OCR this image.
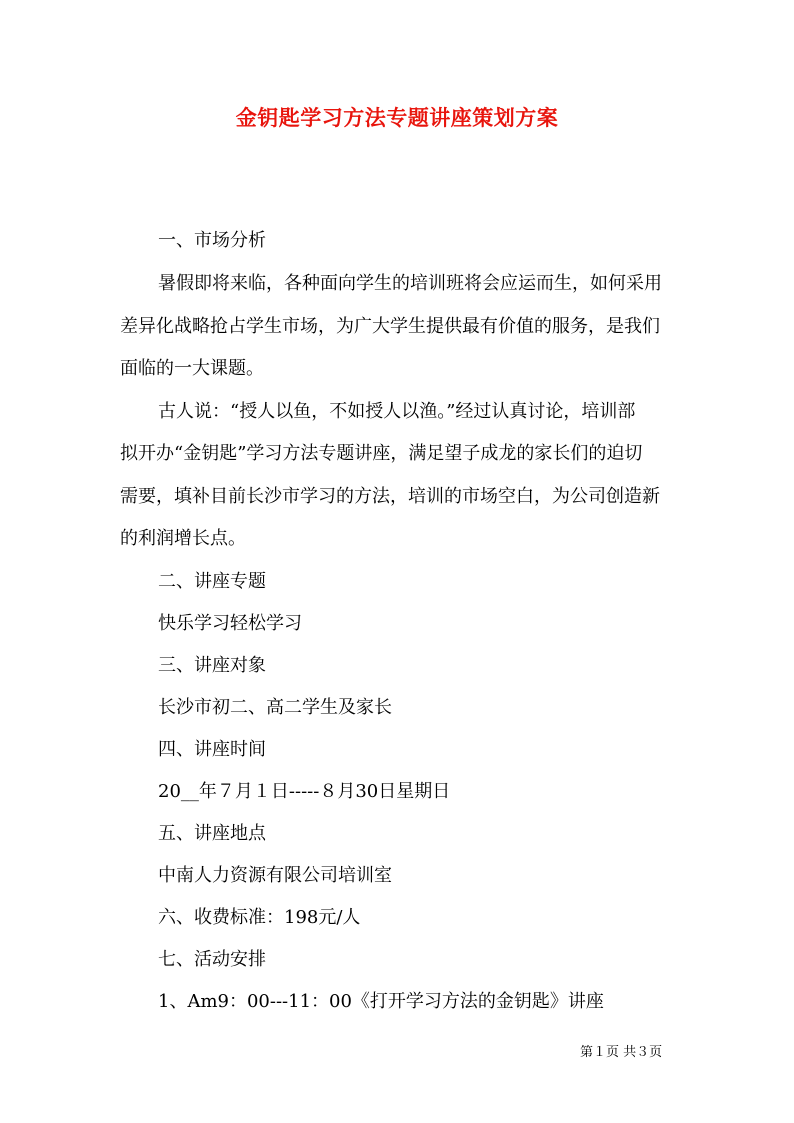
金钥匙学习方法专题讲座策划方案
一、市场分析
暑假即将来临，各种面向学生的培训班将会应运而生，如何采用
差异化战略抢占学生市场，为广大学生提供最有价值的服务，是我们
面临的一大课题。
古人说：“授人以鱼，不如授人以渔。”经过认真讨论，培训部
拟开办“金钥匙”学习方法专题讲座，满足望子成龙的家长们的迫切
需要，填补目前长沙市学习的方法，培训的市场空白，为公司创造新
的利润增长点。
二、讲座专题
快乐学习轻松学习
三、讲座对象
长沙市初二、高二学生及家长
四、讲座时间
20__年７月１日-----８月30日星期日
五、讲座地点
中南人力资源有限公司培训室
六、收费标准：198元/人
七、活动安排
1、Am9：00---11：00《打开学习方法的金钥匙》讲座
第１页 共３页
